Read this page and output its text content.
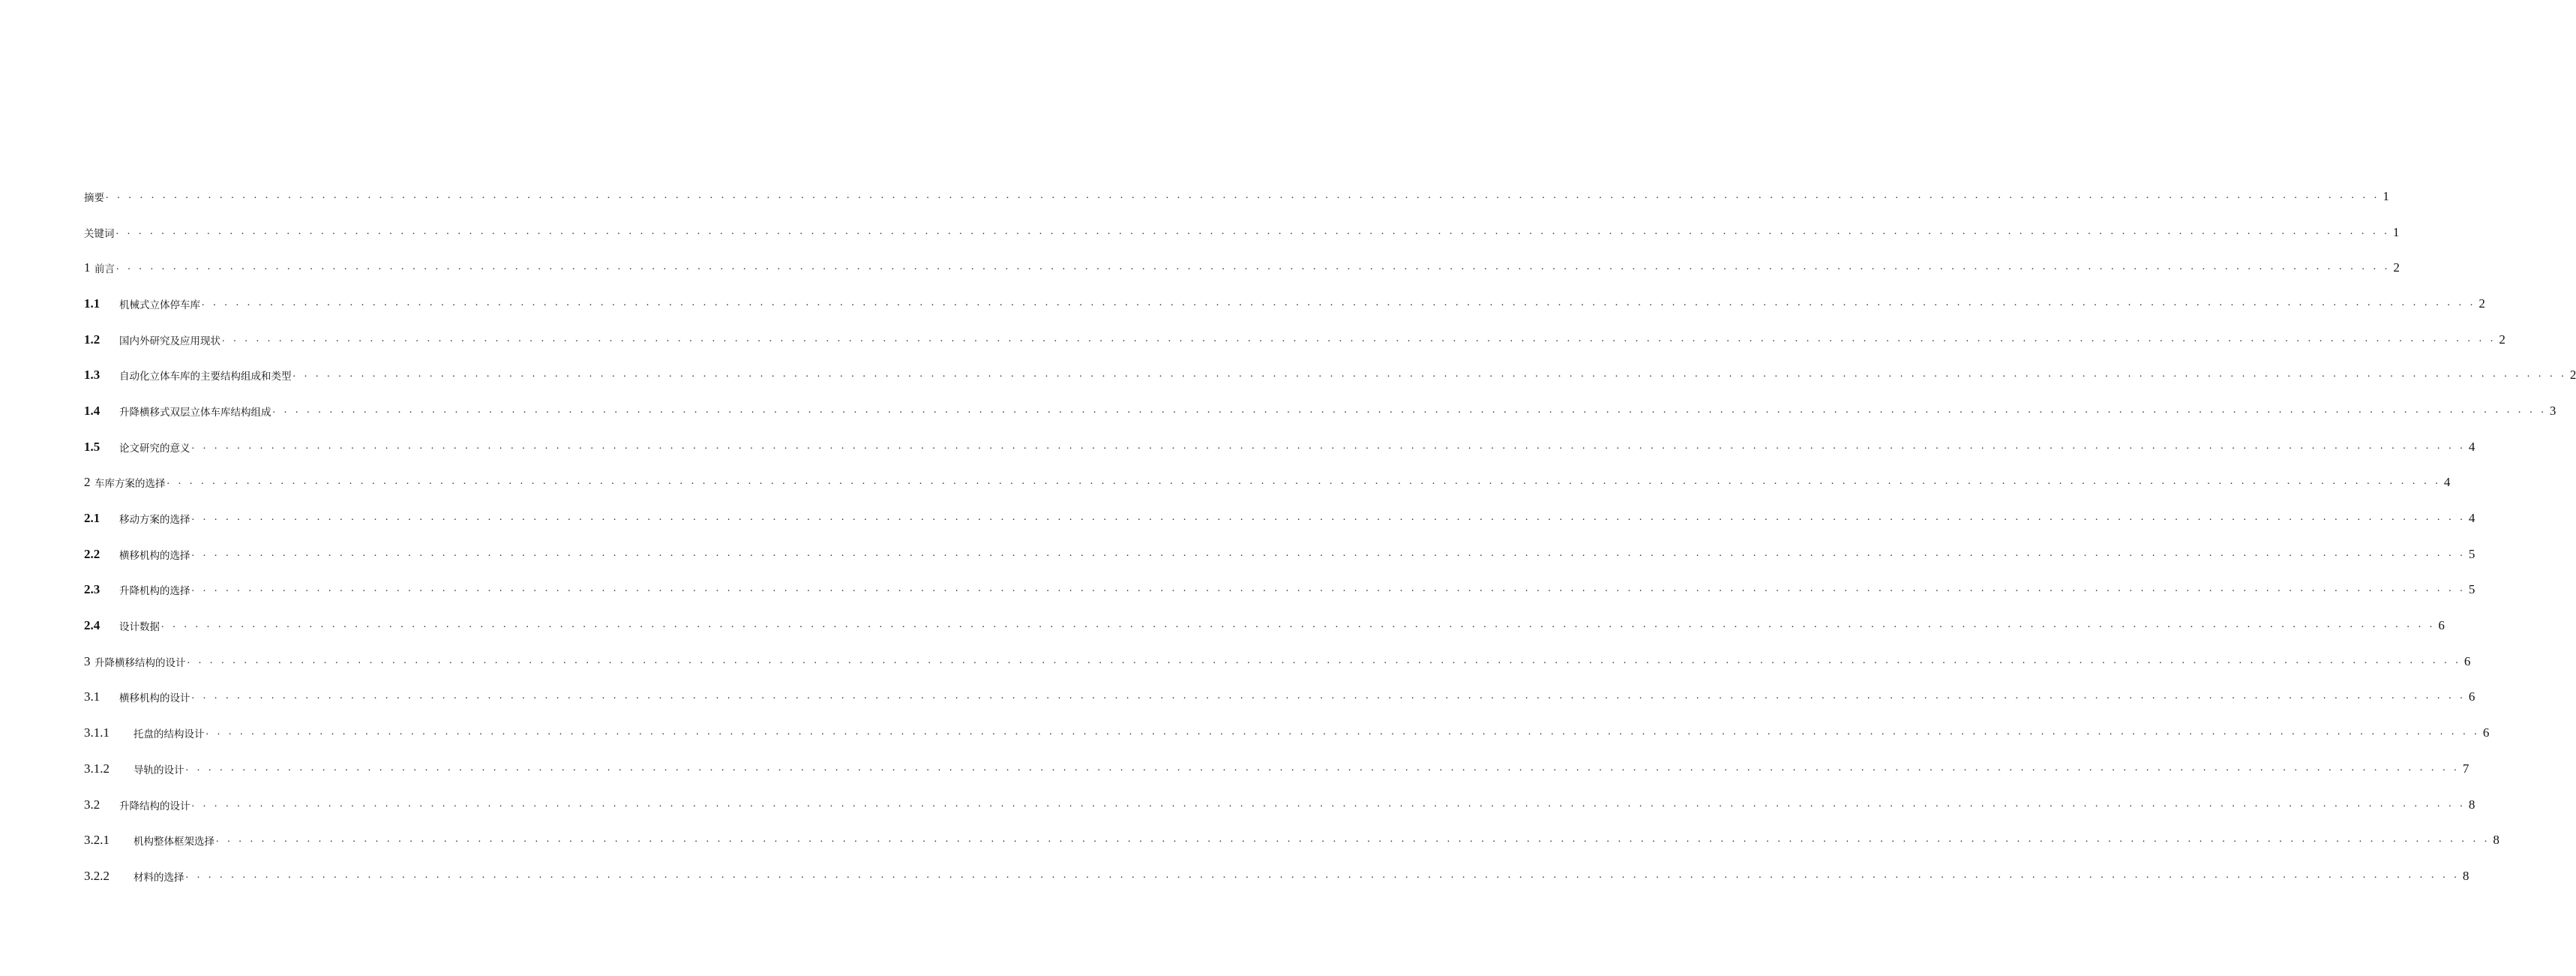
摘要 . . . . . . . . . . . . . . . . . . . . . . . . . . . . . . . . . . . . . . . . . . . . . . . . . . . . . . . . . . . . . . . . . . . . . . . . . . . . . . . . . . . . . . . . . . . . . . . . . . . . . . . . . . . . . . . . . . . . . . . . . . . . . . . . . . . . . . . . . . . . . . . . . . . . . . . . . . . . . . . . . . . . . . . . . . . . . . . . . . . . . . . . . . . . . . . . . . . . . . . . 1
关键词 . . . . . . . . . . . . . . . . . . . . . . . . . . . . . . . . . . . . . . . . . . . . . . . . . . . . . . . . . . . . . . . . . . . . . . . . . . . . . . . . . . . . . . . . . . . . . . . . . . . . . . . . . . . . . . . . . . . . . . . . . . . . . . . . . . . . . . . . . . . . . . . . . . . . . . . . . . . . . . . . . . . . . . . . . . . . . . . . . . . . . . . . . . . . . . . . . . . . . . . . 1
1 前言 . . . . . . . . . . . . . . . . . . . . . . . . . . . . . . . . . . . . . . . . . . . . . . . . . . . . . . . . . . . . . . . . . . . . . . . . . . . . . . . . . . . . . . . . . . . . . . . . . . . . . . . . . . . . . . . . . . . . . . . . . . . . . . . . . . . . . . . . . . . . . . . . . . . . . . . . . . . . . . . . . . . . . . . . . . . . . . . . . . . . . . . . . . . . . . . . . . . . . . . . 2
1.1	机械式立体停车库 . . . . . . . . . . . . . . . . . . . . . . . . . . . . . . . . . . . . . . . . . . . . . . . . . . . . . . . . . . . . . . . . . . . . . . . . . . . . . . . . . . . . . . . . . . . . . . . . . . . . . . . . . . . . . . . . . . . . . . . . . . . . . . . . . . . . . . . . . . . . . . . . . . . . . . . . . . . . . . . . . . . . . . . . . . . . . . . . . . . . . . . . . . . . . . . . . . . . . . . . 2
1.2	国内外研究及应用现状 . . . . . . . . . . . . . . . . . . . . . . . . . . . . . . . . . . . . . . . . . . . . . . . . . . . . . . . . . . . . . . . . . . . . . . . . . . . . . . . . . . . . . . . . . . . . . . . . . . . . . . . . . . . . . . . . . . . . . . . . . . . . . . . . . . . . . . . . . . . . . . . . . . . . . . . . . . . . . . . . . . . . . . . . . . . . . . . . . . . . . . . . . . . . . . . . . . . . . . . . 2
1.3	自动化立体车库的主要结构组成和类型 . . . . . . . . . . . . . . . . . . . . . . . . . . . . . . . . . . . . . . . . . . . . . . . . . . . . . . . . . . . . . . . . . . . . . . . . . . . . . . . . . . . . . . . . . . . . . . . . . . . . . . . . . . . . . . . . . . . . . . . . . . . . . . . . . . . . . . . . . . . . . . . . . . . . . . . . . . . . . . . . . . . . . . . . . . . . . . . . . . . . . . . . . . . . . . . . . . . . . . . . 2
1.4	升降横移式双层立体车库结构组成 . . . . . . . . . . . . . . . . . . . . . . . . . . . . . . . . . . . . . . . . . . . . . . . . . . . . . . . . . . . . . . . . . . . . . . . . . . . . . . . . . . . . . . . . . . . . . . . . . . . . . . . . . . . . . . . . . . . . . . . . . . . . . . . . . . . . . . . . . . . . . . . . . . . . . . . . . . . . . . . . . . . . . . . . . . . . . . . . . . . . . . . . . . . . . . . . . . . . . . . . 3
1.5	论文研究的意义 . . . . . . . . . . . . . . . . . . . . . . . . . . . . . . . . . . . . . . . . . . . . . . . . . . . . . . . . . . . . . . . . . . . . . . . . . . . . . . . . . . . . . . . . . . . . . . . . . . . . . . . . . . . . . . . . . . . . . . . . . . . . . . . . . . . . . . . . . . . . . . . . . . . . . . . . . . . . . . . . . . . . . . . . . . . . . . . . . . . . . . . . . . . . . . . . . . . . . . . . 4
2 车库方案的选择 . . . . . . . . . . . . . . . . . . . . . . . . . . . . . . . . . . . . . . . . . . . . . . . . . . . . . . . . . . . . . . . . . . . . . . . . . . . . . . . . . . . . . . . . . . . . . . . . . . . . . . . . . . . . . . . . . . . . . . . . . . . . . . . . . . . . . . . . . . . . . . . . . . . . . . . . . . . . . . . . . . . . . . . . . . . . . . . . . . . . . . . . . . . . . . . . . . . . . . . . 4
2.1	移动方案的选择 . . . . . . . . . . . . . . . . . . . . . . . . . . . . . . . . . . . . . . . . . . . . . . . . . . . . . . . . . . . . . . . . . . . . . . . . . . . . . . . . . . . . . . . . . . . . . . . . . . . . . . . . . . . . . . . . . . . . . . . . . . . . . . . . . . . . . . . . . . . . . . . . . . . . . . . . . . . . . . . . . . . . . . . . . . . . . . . . . . . . . . . . . . . . . . . . . . . . . . . . 4
2.2	横移机构的选择 . . . . . . . . . . . . . . . . . . . . . . . . . . . . . . . . . . . . . . . . . . . . . . . . . . . . . . . . . . . . . . . . . . . . . . . . . . . . . . . . . . . . . . . . . . . . . . . . . . . . . . . . . . . . . . . . . . . . . . . . . . . . . . . . . . . . . . . . . . . . . . . . . . . . . . . . . . . . . . . . . . . . . . . . . . . . . . . . . . . . . . . . . . . . . . . . . . . . . . . . 5
2.3	升降机构的选择 . . . . . . . . . . . . . . . . . . . . . . . . . . . . . . . . . . . . . . . . . . . . . . . . . . . . . . . . . . . . . . . . . . . . . . . . . . . . . . . . . . . . . . . . . . . . . . . . . . . . . . . . . . . . . . . . . . . . . . . . . . . . . . . . . . . . . . . . . . . . . . . . . . . . . . . . . . . . . . . . . . . . . . . . . . . . . . . . . . . . . . . . . . . . . . . . . . . . . . . . 5
2.4	设计数据 . . . . . . . . . . . . . . . . . . . . . . . . . . . . . . . . . . . . . . . . . . . . . . . . . . . . . . . . . . . . . . . . . . . . . . . . . . . . . . . . . . . . . . . . . . . . . . . . . . . . . . . . . . . . . . . . . . . . . . . . . . . . . . . . . . . . . . . . . . . . . . . . . . . . . . . . . . . . . . . . . . . . . . . . . . . . . . . . . . . . . . . . . . . . . . . . . . . . . . . . 6
3 升降横移结构的设计 . . . . . . . . . . . . . . . . . . . . . . . . . . . . . . . . . . . . . . . . . . . . . . . . . . . . . . . . . . . . . . . . . . . . . . . . . . . . . . . . . . . . . . . . . . . . . . . . . . . . . . . . . . . . . . . . . . . . . . . . . . . . . . . . . . . . . . . . . . . . . . . . . . . . . . . . . . . . . . . . . . . . . . . . . . . . . . . . . . . . . . . . . . . . . . . . . . . . . . . . 6
3.1	横移机构的设计 . . . . . . . . . . . . . . . . . . . . . . . . . . . . . . . . . . . . . . . . . . . . . . . . . . . . . . . . . . . . . . . . . . . . . . . . . . . . . . . . . . . . . . . . . . . . . . . . . . . . . . . . . . . . . . . . . . . . . . . . . . . . . . . . . . . . . . . . . . . . . . . . . . . . . . . . . . . . . . . . . . . . . . . . . . . . . . . . . . . . . . . . . . . . . . . . . . . . . . . . 6
3.1.1	托盘的结构设计 . . . . . . . . . . . . . . . . . . . . . . . . . . . . . . . . . . . . . . . . . . . . . . . . . . . . . . . . . . . . . . . . . . . . . . . . . . . . . . . . . . . . . . . . . . . . . . . . . . . . . . . . . . . . . . . . . . . . . . . . . . . . . . . . . . . . . . . . . . . . . . . . . . . . . . . . . . . . . . . . . . . . . . . . . . . . . . . . . . . . . . . . . . . . . . . . . . . . . . . . 6
3.1.2	导轨的设计 . . . . . . . . . . . . . . . . . . . . . . . . . . . . . . . . . . . . . . . . . . . . . . . . . . . . . . . . . . . . . . . . . . . . . . . . . . . . . . . . . . . . . . . . . . . . . . . . . . . . . . . . . . . . . . . . . . . . . . . . . . . . . . . . . . . . . . . . . . . . . . . . . . . . . . . . . . . . . . . . . . . . . . . . . . . . . . . . . . . . . . . . . . . . . . . . . . . . . . . . 7
3.2	升降结构的设计 . . . . . . . . . . . . . . . . . . . . . . . . . . . . . . . . . . . . . . . . . . . . . . . . . . . . . . . . . . . . . . . . . . . . . . . . . . . . . . . . . . . . . . . . . . . . . . . . . . . . . . . . . . . . . . . . . . . . . . . . . . . . . . . . . . . . . . . . . . . . . . . . . . . . . . . . . . . . . . . . . . . . . . . . . . . . . . . . . . . . . . . . . . . . . . . . . . . . . . . . 8
3.2.1	机构整体框架选择 . . . . . . . . . . . . . . . . . . . . . . . . . . . . . . . . . . . . . . . . . . . . . . . . . . . . . . . . . . . . . . . . . . . . . . . . . . . . . . . . . . . . . . . . . . . . . . . . . . . . . . . . . . . . . . . . . . . . . . . . . . . . . . . . . . . . . . . . . . . . . . . . . . . . . . . . . . . . . . . . . . . . . . . . . . . . . . . . . . . . . . . . . . . . . . . . . . . . . . . . 8
3.2.2	材料的选择 . . . . . . . . . . . . . . . . . . . . . . . . . . . . . . . . . . . . . . . . . . . . . . . . . . . . . . . . . . . . . . . . . . . . . . . . . . . . . . . . . . . . . . . . . . . . . . . . . . . . . . . . . . . . . . . . . . . . . . . . . . . . . . . . . . . . . . . . . . . . . . . . . . . . . . . . . . . . . . . . . . . . . . . . . . . . . . . . . . . . . . . . . . . . . . . . . . . . . . . . 8
